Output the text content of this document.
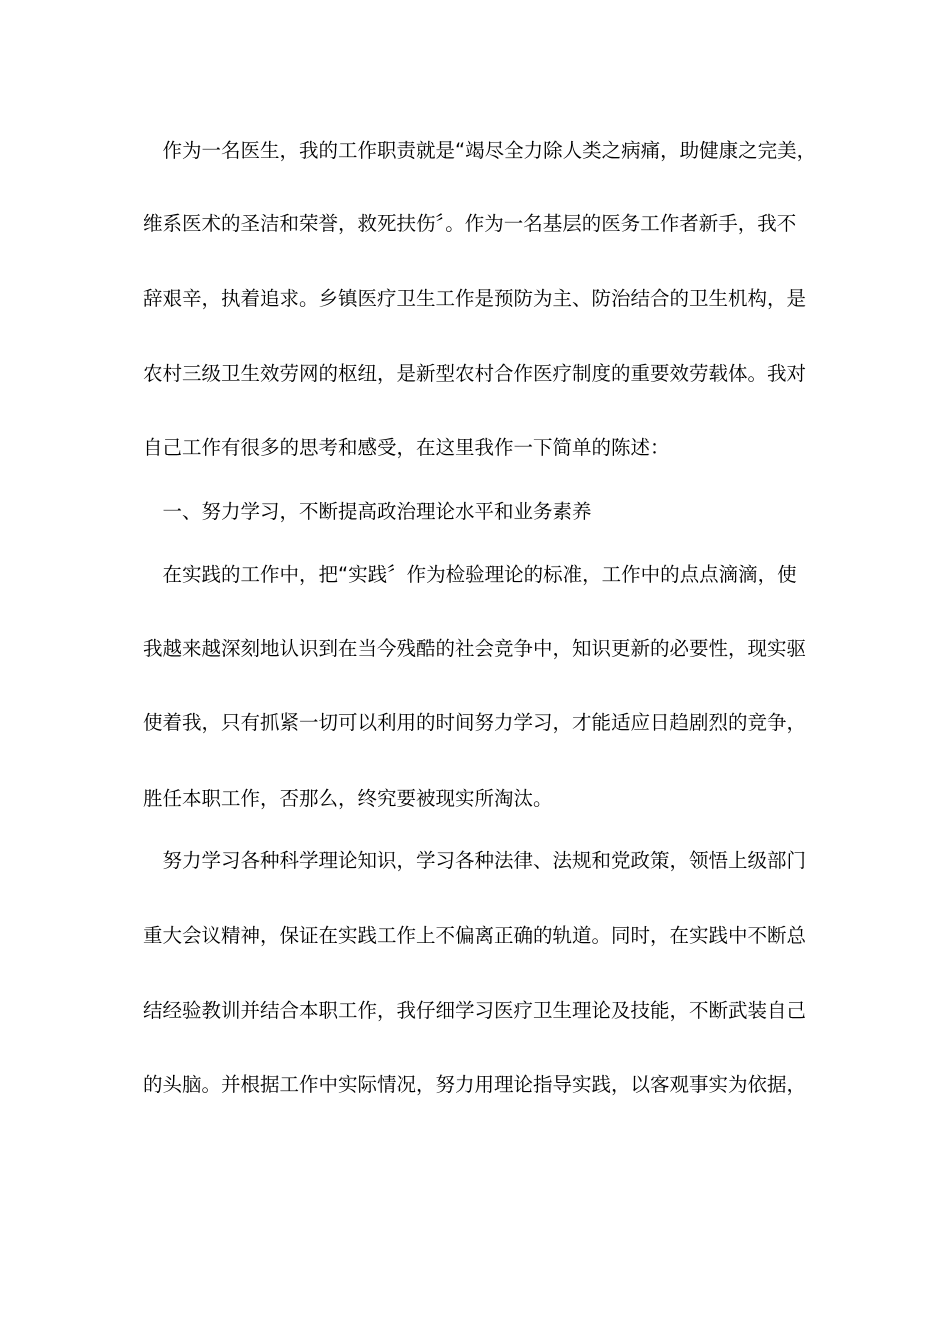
　作为一名医生，我的工作职责就是“竭尽全力除人类之病痛，助健康之完美，
维系医术的圣洁和荣誉，救死扶伤〞。作为一名基层的医务工作者新手，我不
辞艰辛，执着追求。乡镇医疗卫生工作是预防为主、防治结合的卫生机构，是
农村三级卫生效劳网的枢纽，是新型农村合作医疗制度的重要效劳载体。我对
自己工作有很多的思考和感受，在这里我作一下简单的陈述：
　一、努力学习，不断提高政治理论水平和业务素养
　在实践的工作中，把“实践〞作为检验理论的标准，工作中的点点滴滴，使
我越来越深刻地认识到在当今残酷的社会竞争中，知识更新的必要性，现实驱
使着我，只有抓紧一切可以利用的时间努力学习，才能适应日趋剧烈的竞争，
胜任本职工作，否那么，终究要被现实所淘汰。
　努力学习各种科学理论知识，学习各种法律、法规和党政策，领悟上级部门
重大会议精神，保证在实践工作上不偏离正确的轨道。同时，在实践中不断总
结经验教训并结合本职工作，我仔细学习医疗卫生理论及技能，不断武装自己
的头脑。并根据工作中实际情况，努力用理论指导实践，以客观事实为依据，
